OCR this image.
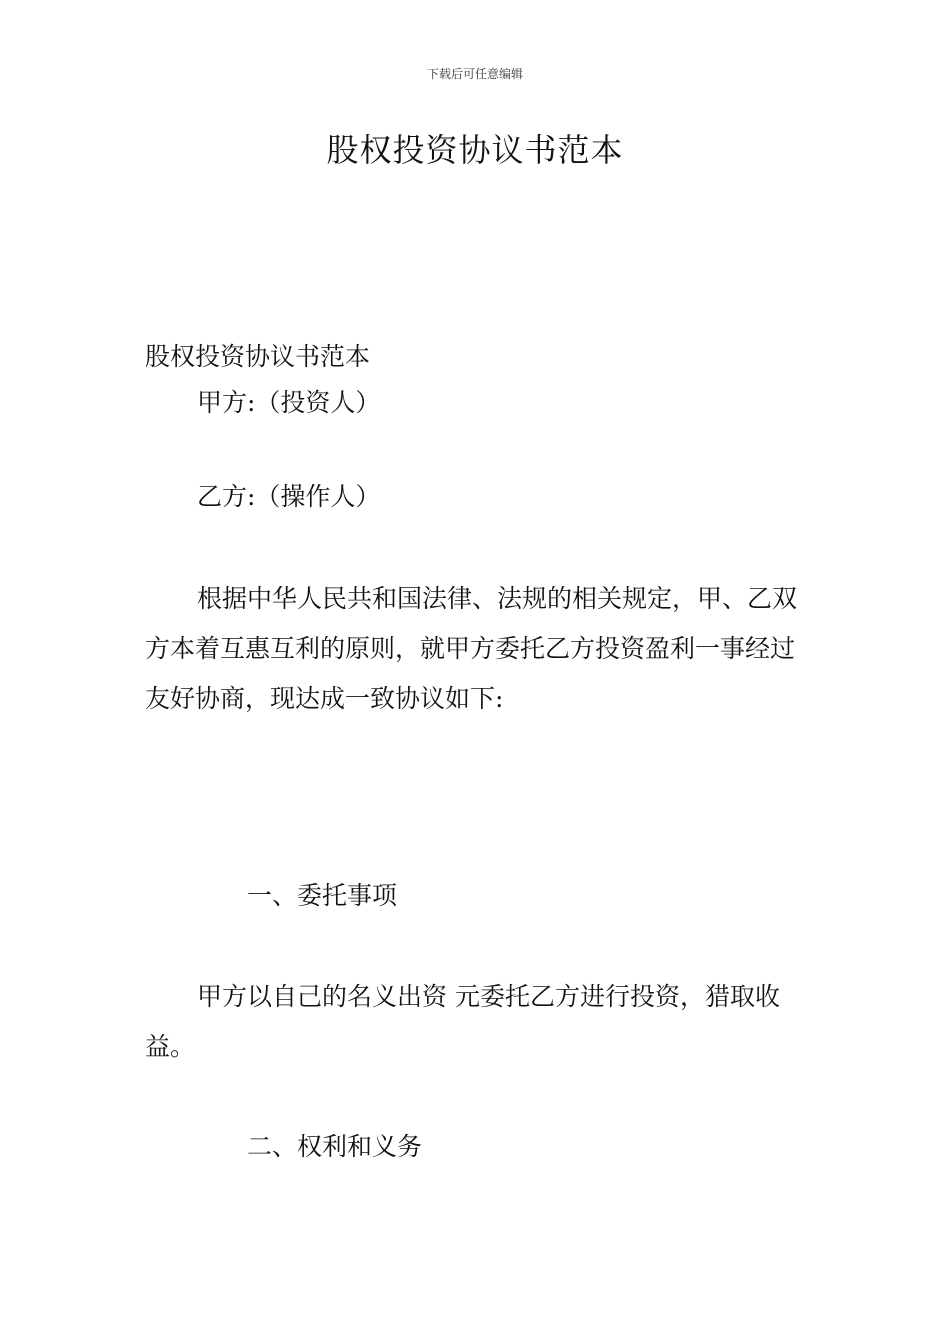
下载后可任意编辑
股权投资协议书范本

股权投资协议书范本

甲方:（投资人）

乙方:（操作人）

根据中华人民共和国法律、法规的相关规定，甲、乙双方本着互惠互利的原则，就甲方委托乙方投资盈利一事经过友好协商，现达成一致协议如下:

一、委托事项

甲方以自己的名义出资 元委托乙方进行投资，猎取收益。

二、权利和义务
